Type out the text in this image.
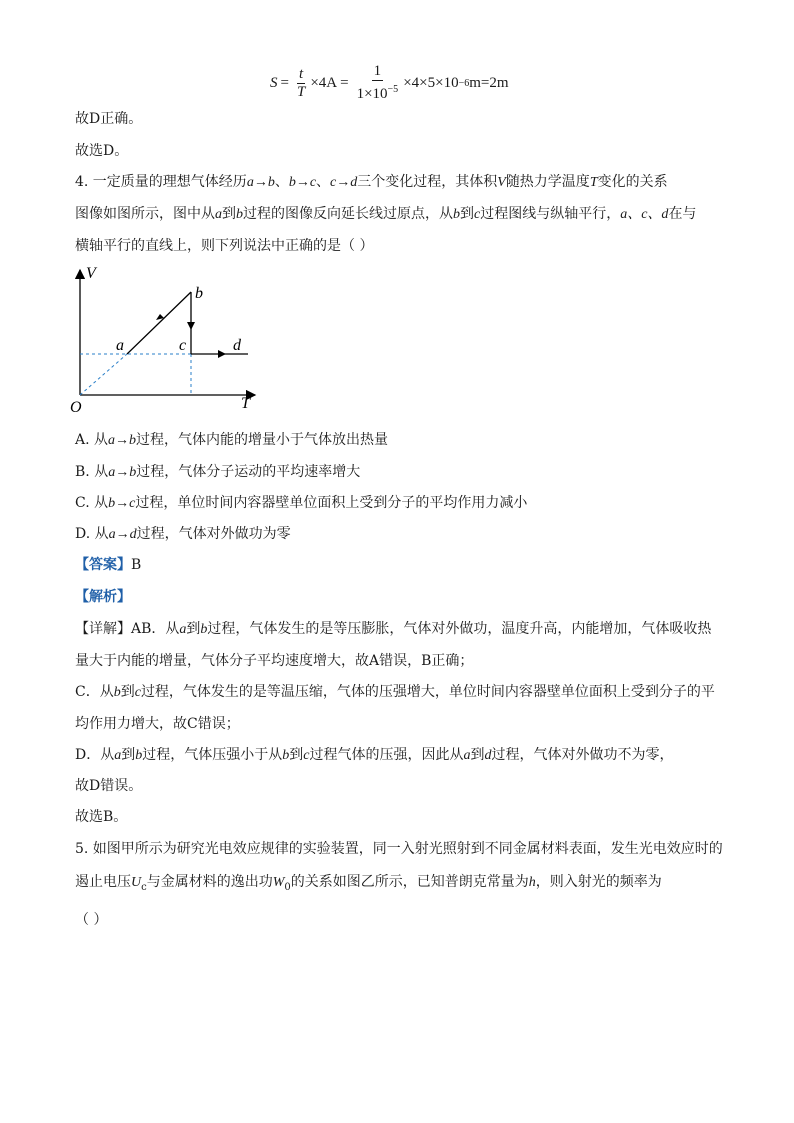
$S = \frac{t}{T} \times 4A = \frac{1}{1\times 10^{-5}} \times 4\times 5\times 10 -6$ m=2m
故D正确。
故选D。
4. 一定质量的理想气体经历a→b、b→c、c→d三个变化过程，其体积V随热力学温度T变化的关系
图像如图所示，图中从a到b过程的图像反向延长线过原点，从b到c过程图线与纵轴平行，a、c、d在与
横轴平行的直线上，则下列说法中正确的是（ ）
V
T
O
a
b
c	d
A. 从a→b过程，气体内能的增量小于气体放出热量
B. 从a→b过程，气体分子运动的平均速率增大
C. 从b→c过程，单位时间内容器壁单位面积上受到分子的平均作用力减小
D. 从a→d过程，气体对外做功为零
【答案】B
【解析】
【详解】AB．从a到b过程，气体发生的是等压膨胀，气体对外做功，温度升高，内能增加，气体吸收热
量大于内能的增量，气体分子平均速度增大，故A错误，B正确；
C．从b到c过程，气体发生的是等温压缩，气体的压强增大，单位时间内容器壁单位面积上受到分子的平
均作用力增大，故C错误；
D．从a到b过程，气体压强小于从b到c过程气体的压强，因此从a到d过程，气体对外做功不为零，
故D错误。
故选B。
5. 如图甲所示为研究光电效应规律的实验装置，同一入射光照射到不同金属材料表面，发生光电效应时的
遏止电压$U_c$与金属材料的逸出功$W_0$的关系如图乙所示，已知普朗克常量为h，则入射光的频率为
（ ）
